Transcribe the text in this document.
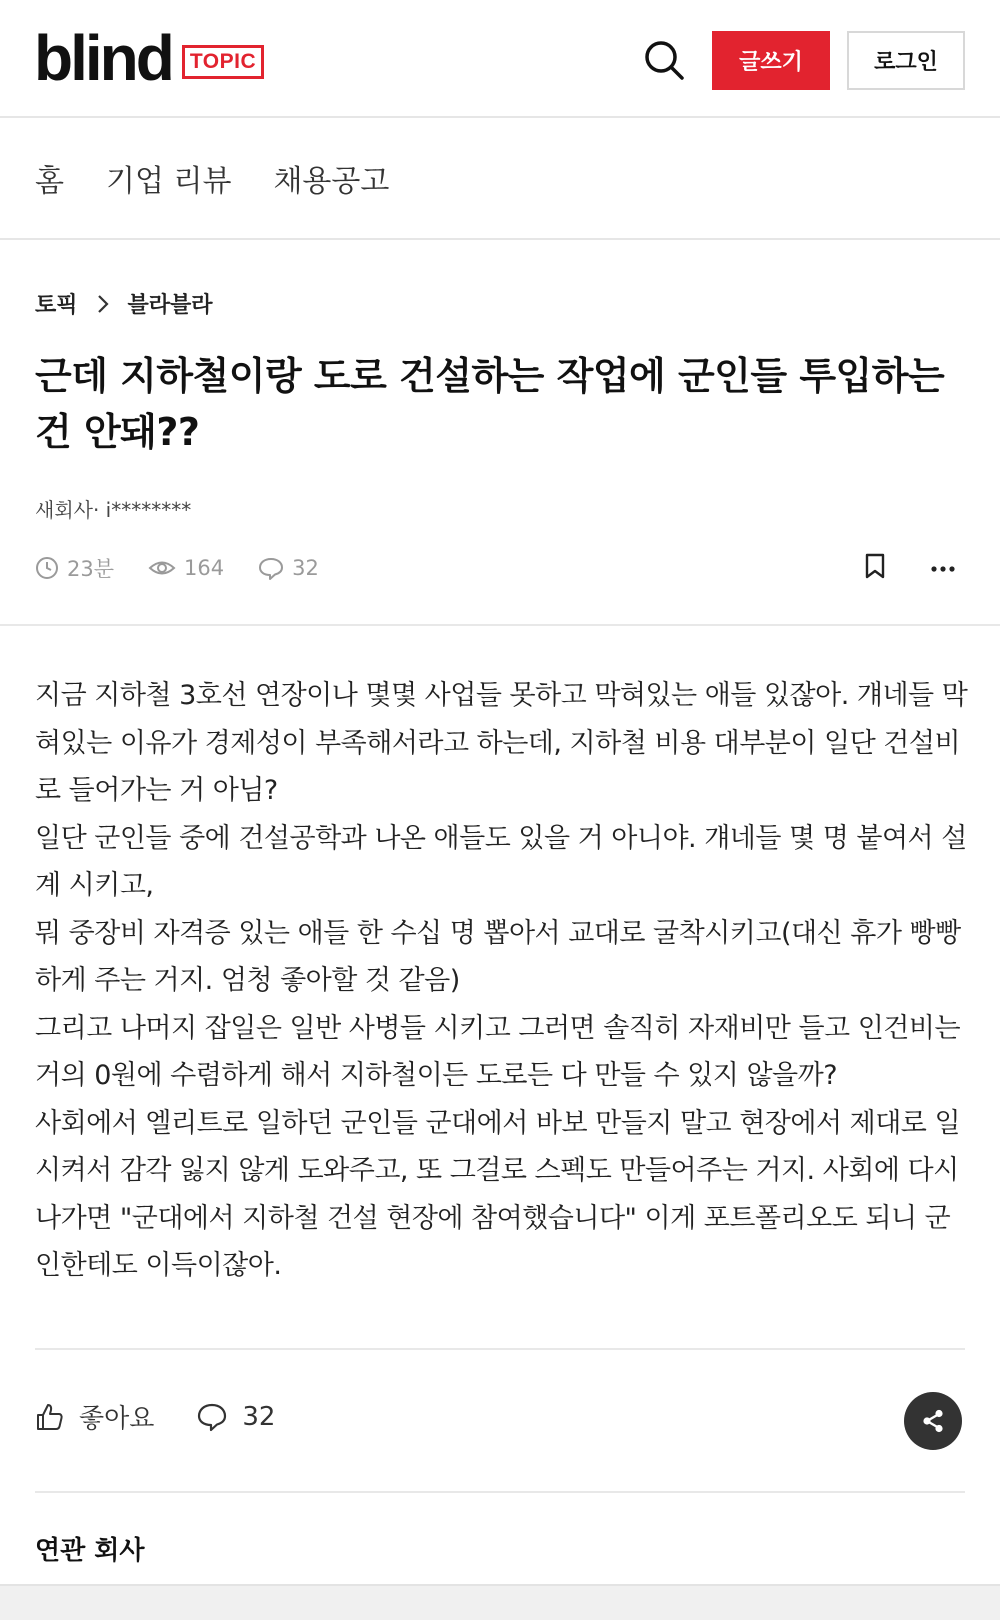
blind TOPIC	글쓰기	로그인
홈 기업 리뷰 채용공고
토픽 블라블라
근데 지하철이랑 도로 건설하는 작업에 군인들 투입하는 건 안돼??
새회사· i********
23분	164	32

지금 지하철 3호선 연장이나 몇몇 사업들 못하고 막혀있는 애들 있잖아. 걔네들 막혀있는 이유가 경제성이 부족해서라고 하는데, 지하철 비용 대부분이 일단 건설비로 들어가는 거 아님?

일단 군인들 중에 건설공학과 나온 애들도 있을 거 아니야. 걔네들 몇 명 붙여서 설계 시키고,

뭐 중장비 자격증 있는 애들 한 수십 명 뽑아서 교대로 굴착시키고(대신 휴가 빵빵하게 주는 거지. 엄청 좋아할 것 같음)

그리고 나머지 잡일은 일반 사병들 시키고 그러면 솔직히 자재비만 들고 인건비는 거의 0원에 수렴하게 해서 지하철이든 도로든 다 만들 수 있지 않을까?

사회에서 엘리트로 일하던 군인들 군대에서 바보 만들지 말고 현장에서 제대로 일 시켜서 감각 잃지 않게 도와주고, 또 그걸로 스펙도 만들어주는 거지. 사회에 다시 나가면 "군대에서 지하철 건설 현장에 참여했습니다" 이게 포트폴리오도 되니 군인한테도 이득이잖아.

좋아요	32
연관 회사
